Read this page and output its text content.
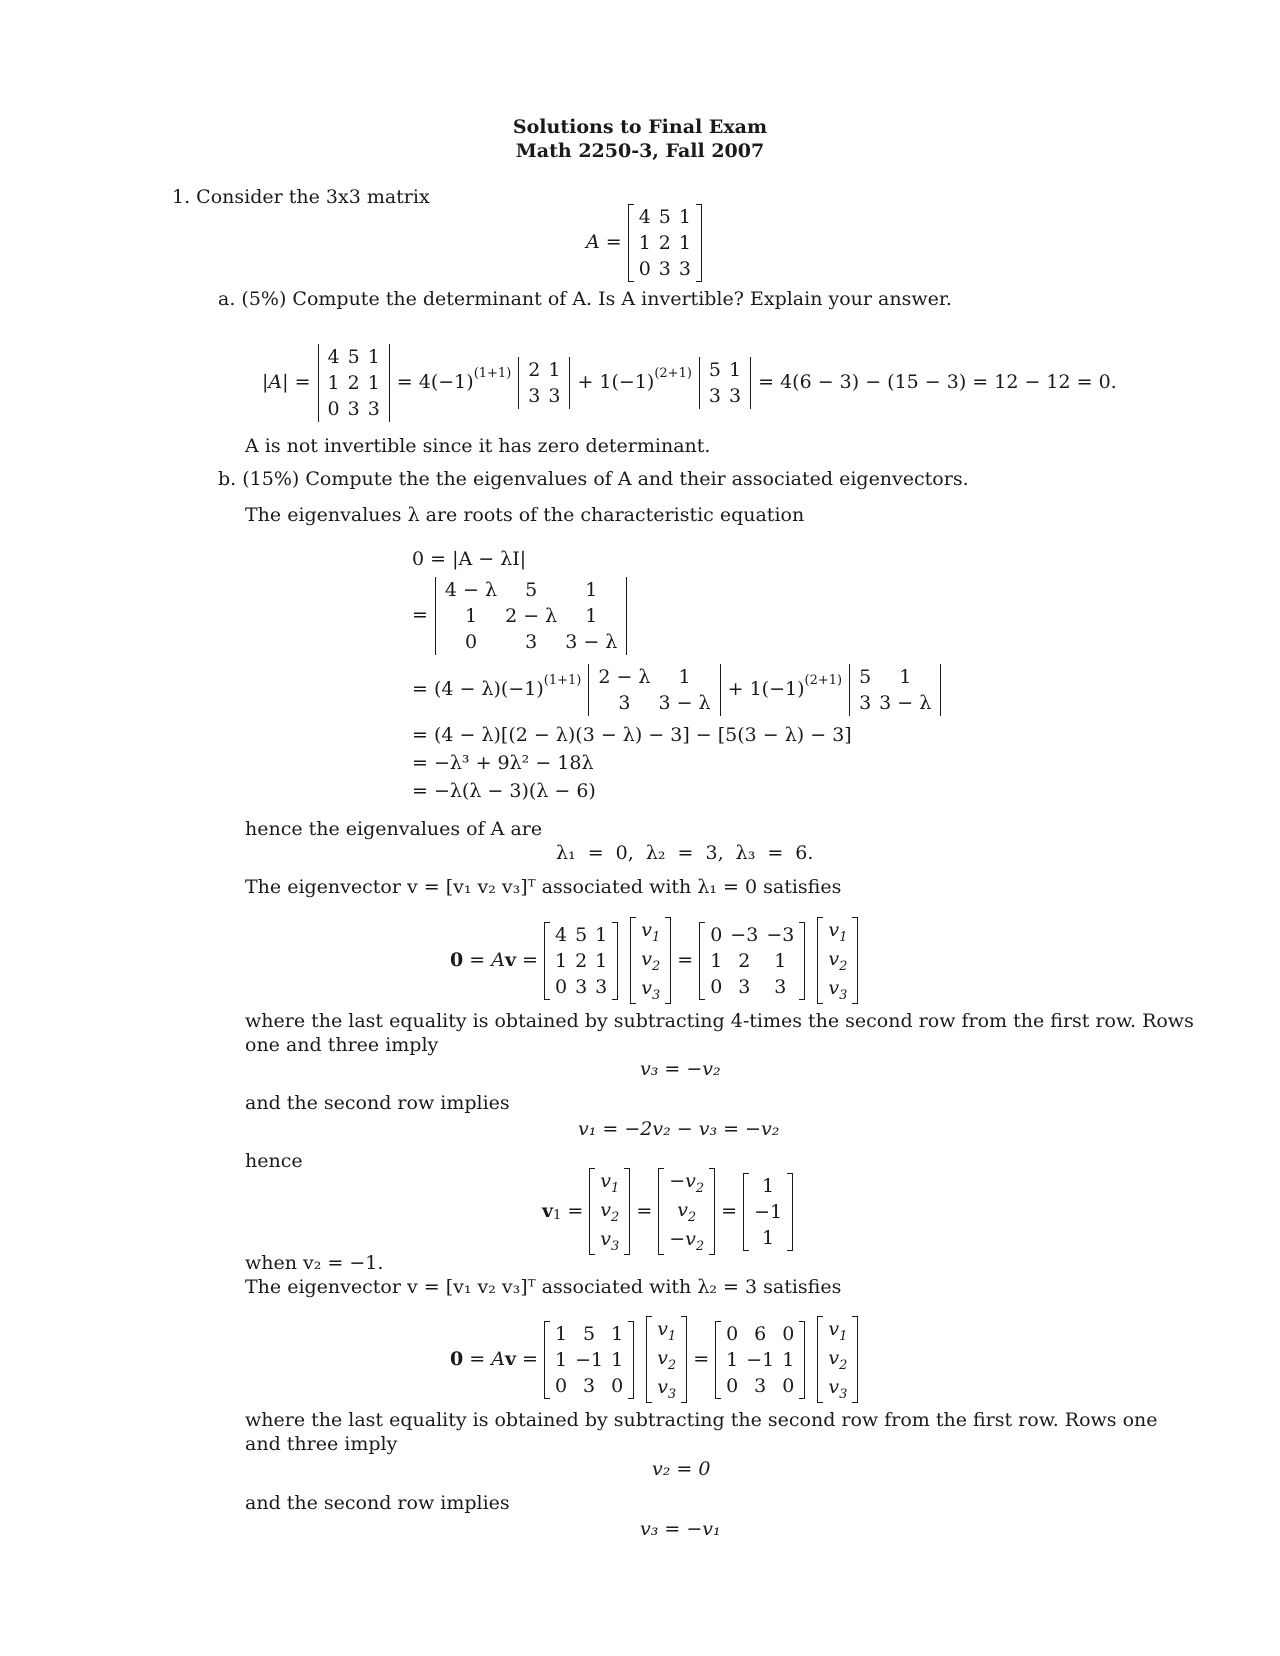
Solutions to Final Exam
Math 2250-3, Fall 2007
1. Consider the 3x3 matrix
A =
4 5 1
1 2 1
0 3 3
a. (5%) Compute the determinant of A. Is A invertible? Explain your answer.
| A | =
4 5 1
1 2 1
0 3 3
= $4(-1)^{(1+1)}$ 2 1
3 3
+ $1(-1)^{(2+1)}$ 5 1
3 3
= 4(6 − 3) − (15 − 3) = 12 − 12 = 0.
A is not invertible since it has zero determinant.
b. (15%) Compute the the eigenvalues of A and their associated eigenvectors.
The eigenvalues λ are roots of the characteristic equation
0 = |A − λI|
=
4 − λ	5	1
1	2 − λ	1
0	3	3 − λ
= $(4 - \lambda)(-1)^{(1+1)}$ 2 − λ	1
3	3 − λ
+ $1(-1)^{(2+1)}$ 5	1
3 3 − λ
= (4 − λ)[(2 − λ)(3 − λ) − 3] − [5(3 − λ) − 3]
= −λ³ + 9λ² − 18λ
= −λ(λ − 3)(λ − 6)
hence the eigenvalues of A are
λ₁ = 0, λ₂ = 3, λ₃ = 6.
The eigenvector v = [v₁ v₂ v₃]ᵀ associated with λ₁ = 0 satisfies
0 = A v =
4 5 1
1 2 1
0 3 3
$v_1$
$v_2$
$v_3$
=
0 −3 −3
1 2	1
0 3	3
$v_1$
$v_2$
$v_3$
where the last equality is obtained by subtracting 4-times the second row from the first row. Rows
one and three imply
v₃ = −v₂
and the second row implies
v₁ = −2v₂ − v₃ = −v₂
hence
$v_1$ =
$v_1$
$v_2$
$v_3$
=
$-v_2$
$v_2$
$-v_2$
=
1
−1
1
when v₂ = −1.
The eigenvector v = [v₁ v₂ v₃]ᵀ associated with λ₂ = 3 satisfies
0 = A v =
1 5 1
1 −1 1
0 3 0
$v_1$
$v_2$
$v_3$
=
0 6 0
1 −1 1
0 3 0
$v_1$
$v_2$
$v_3$
where the last equality is obtained by subtracting the second row from the first row. Rows one
and three imply
v₂ = 0
and the second row implies
v₃ = −v₁
